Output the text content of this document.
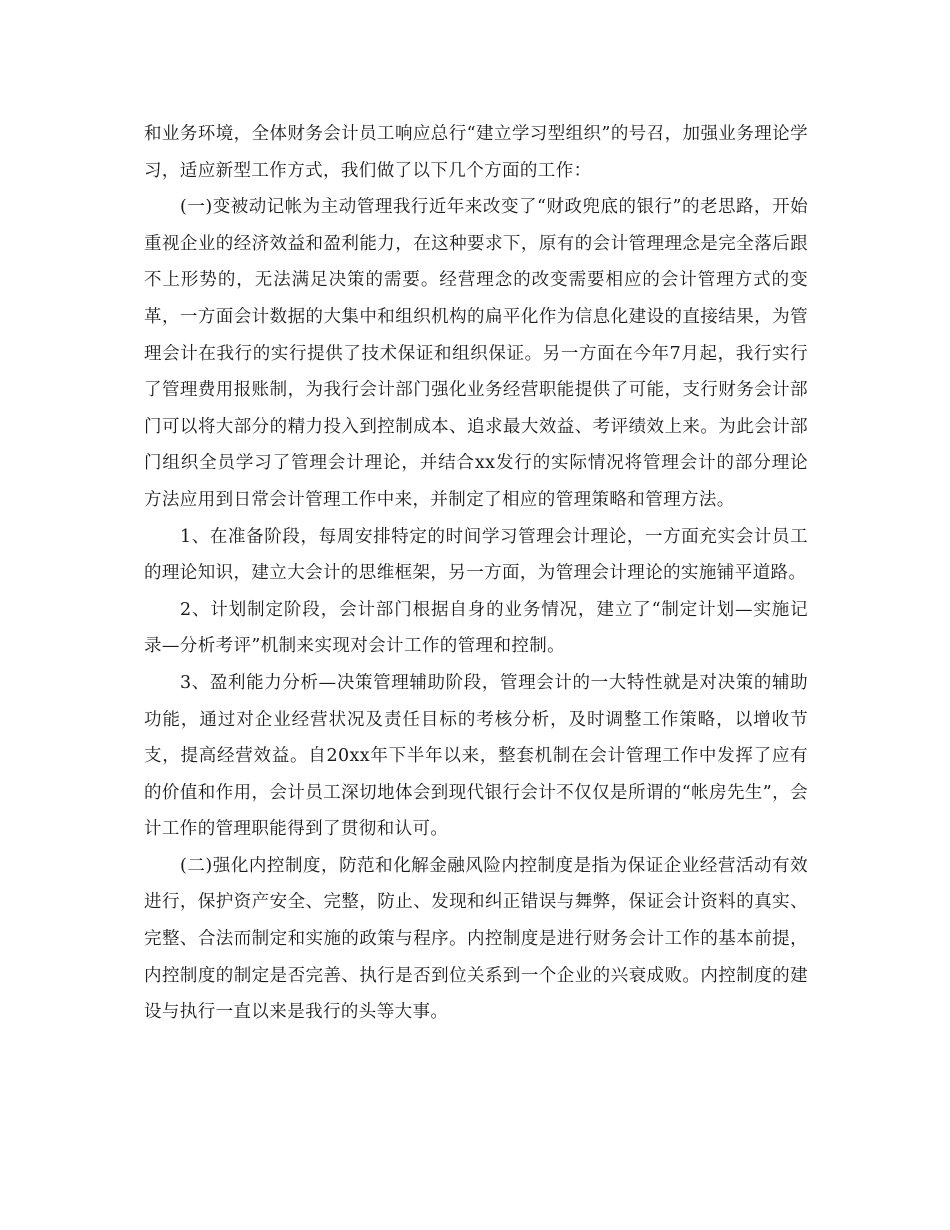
和业务环境，全体财务会计员工响应总行“建立学习型组织”的号召，加强业务理论学习，适应新型工作方式，我们做了以下几个方面的工作：

(一)变被动记帐为主动管理我行近年来改变了“财政兜底的银行”的老思路，开始重视企业的经济效益和盈利能力，在这种要求下，原有的会计管理理念是完全落后跟不上形势的，无法满足决策的需要。经营理念的改变需要相应的会计管理方式的变革，一方面会计数据的大集中和组织机构的扁平化作为信息化建设的直接结果，为管理会计在我行的实行提供了技术保证和组织保证。另一方面在今年7月起，我行实行了管理费用报账制，为我行会计部门强化业务经营职能提供了可能，支行财务会计部门可以将大部分的精力投入到控制成本、追求最大效益、考评绩效上来。为此会计部门组织全员学习了管理会计理论，并结合xx发行的实际情况将管理会计的部分理论方法应用到日常会计管理工作中来，并制定了相应的管理策略和管理方法。

1、在准备阶段，每周安排特定的时间学习管理会计理论，一方面充实会计员工的理论知识，建立大会计的思维框架，另一方面，为管理会计理论的实施铺平道路。

2、计划制定阶段，会计部门根据自身的业务情况，建立了“制定计划—实施记录—分析考评”机制来实现对会计工作的管理和控制。

3、盈利能力分析—决策管理辅助阶段，管理会计的一大特性就是对决策的辅助功能，通过对企业经营状况及责任目标的考核分析，及时调整工作策略，以增收节支，提高经营效益。自20xx年下半年以来，整套机制在会计管理工作中发挥了应有的价值和作用，会计员工深切地体会到现代银行会计不仅仅是所谓的“帐房先生”，会计工作的管理职能得到了贯彻和认可。

(二)强化内控制度，防范和化解金融风险内控制度是指为保证企业经营活动有效进行，保护资产安全、完整，防止、发现和纠正错误与舞弊，保证会计资料的真实、完整、合法而制定和实施的政策与程序。内控制度是进行财务会计工作的基本前提，内控制度的制定是否完善、执行是否到位关系到一个企业的兴衰成败。内控制度的建设与执行一直以来是我行的头等大事。
